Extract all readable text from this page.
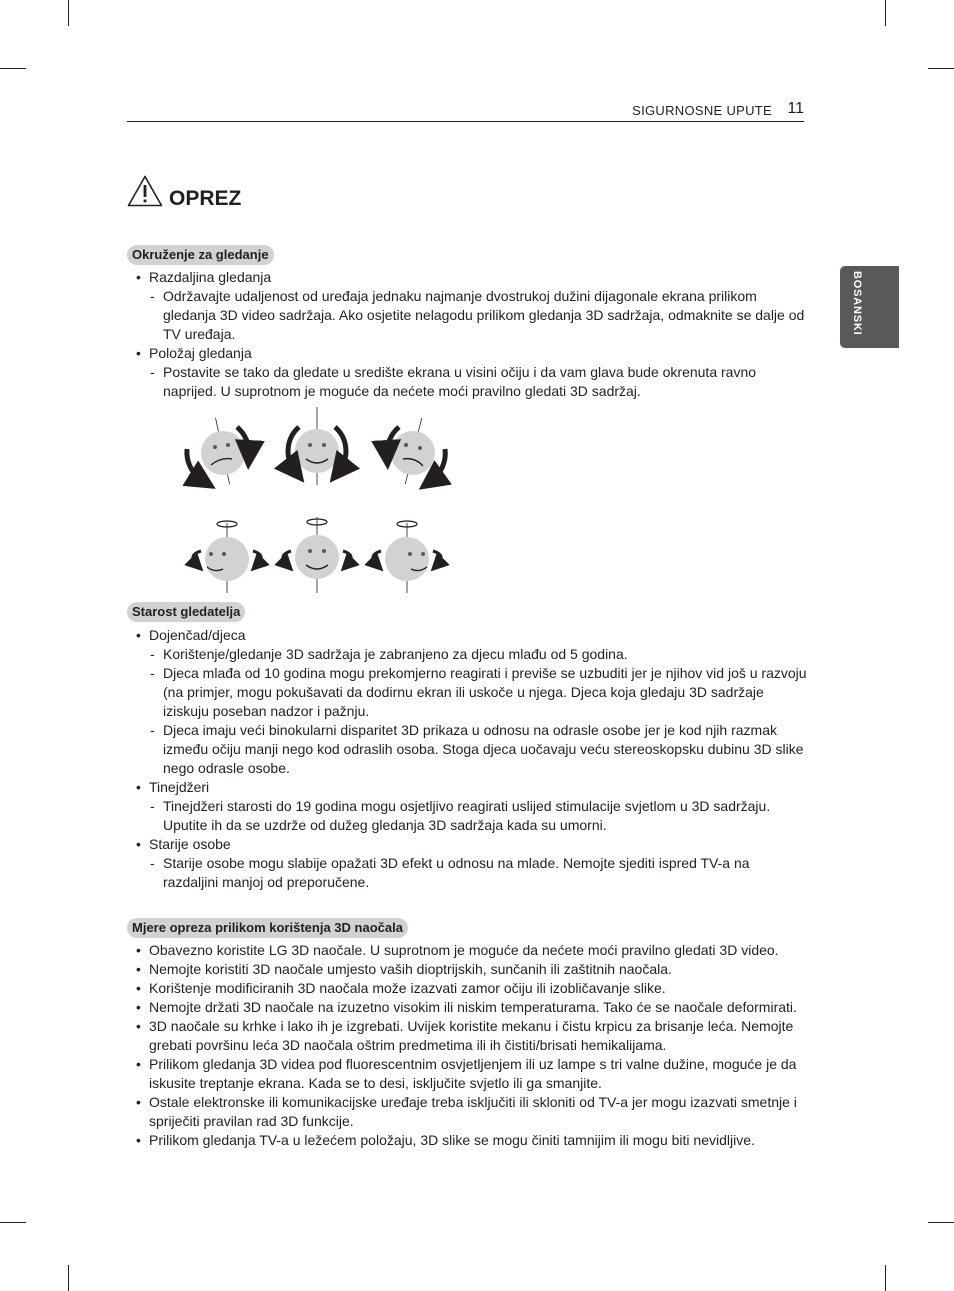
SIGURNOSNE UPUTE 11
BOSANSKI
OPREZ
Okruženje za gledanje
• Razdaljina gledanja
- Održavajte udaljenost od uređaja jednaku najmanje dvostrukoj dužini dijagonale ekrana prilikom gledanja 3D video sadržaja. Ako osjetite nelagodu prilikom gledanja 3D sadržaja, odmaknite se dalje od TV uređaja.
• Položaj gledanja
- Postavite se tako da gledate u središte ekrana u visini očiju i da vam glava bude okrenuta ravno naprijed. U suprotnom je moguće da nećete moći pravilno gledati 3D sadržaj.
Starost gledatelja
• Dojenčad/djeca
- Korištenje/gledanje 3D sadržaja je zabranjeno za djecu mlađu od 5 godina.
- Djeca mlađa od 10 godina mogu prekomjerno reagirati i previše se uzbuditi jer je njihov vid još u razvoju (na primjer, mogu pokušavati da dodirnu ekran ili uskoče u njega. Djeca koja gledaju 3D sadržaje iziskuju poseban nadzor i pažnju.
- Djeca imaju veći binokularni disparitet 3D prikaza u odnosu na odrasle osobe jer je kod njih razmak između očiju manji nego kod odraslih osoba. Stoga djeca uočavaju veću stereoskopsku dubinu 3D slike nego odrasle osobe.
• Tinejdžeri
- Tinejdžeri starosti do 19 godina mogu osjetljivo reagirati uslijed stimulacije svjetlom u 3D sadržaju. Uputite ih da se uzdrže od dužeg gledanja 3D sadržaja kada su umorni.
• Starije osobe
- Starije osobe mogu slabije opažati 3D efekt u odnosu na mlade. Nemojte sjediti ispred TV-a na razdaljini manjoj od preporučene.
Mjere opreza prilikom korištenja 3D naočala
• Obavezno koristite LG 3D naočale. U suprotnom je moguće da nećete moći pravilno gledati 3D video.
• Nemojte koristiti 3D naočale umjesto vaših dioptrijskih, sunčanih ili zaštitnih naočala.
• Korištenje modificiranih 3D naočala može izazvati zamor očiju ili izobličavanje slike.
• Nemojte držati 3D naočale na izuzetno visokim ili niskim temperaturama. Tako će se naočale deformirati.
• 3D naočale su krhke i lako ih je izgrebati. Uvijek koristite mekanu i čistu krpicu za brisanje leća. Nemojte grebati površinu leća 3D naočala oštrim predmetima ili ih čistiti/brisati hemikalijama.
• Prilikom gledanja 3D videa pod fluorescentnim osvjetljenjem ili uz lampe s tri valne dužine, moguće je da iskusite treptanje ekrana. Kada se to desi, isključite svjetlo ili ga smanjite.
• Ostale elektronske ili komunikacijske uređaje treba isključiti ili skloniti od TV-a jer mogu izazvati smetnje i spriječiti pravilan rad 3D funkcije.
• Prilikom gledanja TV-a u ležećem položaju, 3D slike se mogu činiti tamnijim ili mogu biti nevidljive.
